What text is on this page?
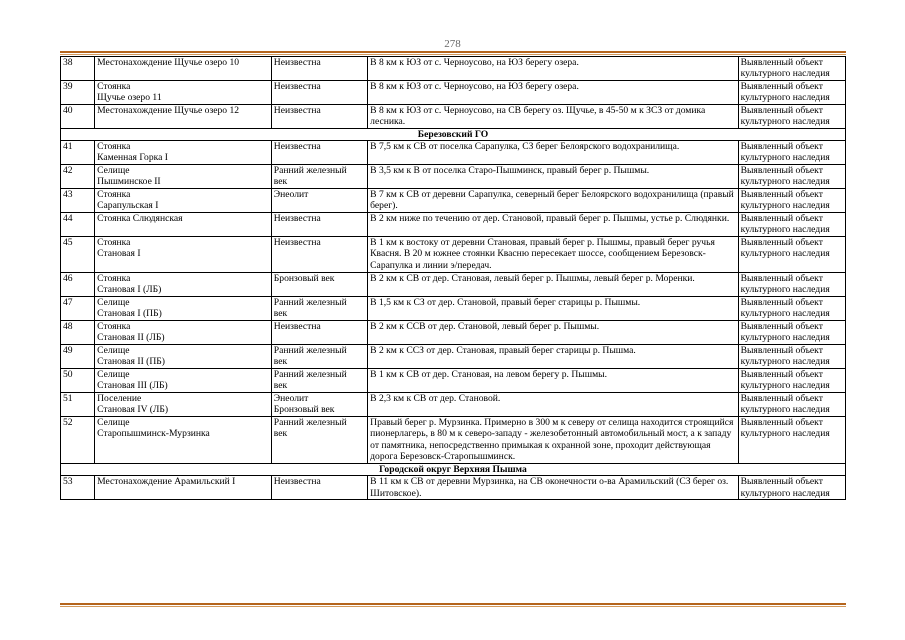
278
38	Местонахождение Щучье озеро 10	Неизвестна	В 8 км к ЮЗ от с. Черноусово, на ЮЗ берегу озера.	Выявленный объект
культурного наследия

39	Стоянка
Щучье озеро 11	Неизвестна	В 8 км к ЮЗ от с. Черноусово, на ЮЗ берегу озера.	Выявленный объект
культурного наследия

40	Местонахождение Щучье озеро 12	Неизвестна	В 8 км к ЮЗ от с. Черноусово, на СВ берегу оз. Щучье, в 45-50 м к ЗСЗ от домика лесника.	Выявленный объект
культурного наследия

Березовский ГО				
41	Стоянка
Каменная Горка I	Неизвестна	В 7,5 км к СВ от поселка Сарапулка, СЗ берег Белоярского водохранилища.	Выявленный объект
культурного наследия

42	Селище
Пышминское II	Ранний железный
век	В 3,5 км к В от поселка Старо-Пышминск, правый берег р. Пышмы.	Выявленный объект
культурного наследия

43	Стоянка
Сарапульская I	Энеолит	В 7 км к СВ от деревни Сарапулка, северный берег Белоярского водохранилища (правый берег).	Выявленный объект
культурного наследия

44	Стоянка Слюдянская	Неизвестна	В 2 км ниже по течению от дер. Становой, правый берег р. Пышмы, устье р. Слюдянки.	Выявленный объект
культурного наследия

45	Стоянка
Становая I	Неизвестна	В 1 км к востоку от деревни Становая, правый берег р. Пышмы, правый берег ручья Квасня. В 20 м южнее стоянки Квасню пересекает шоссе, сообщением Березовск-Сарапулка и линии э/передач.	Выявленный объект
культурного наследия

46	Стоянка
Становая I (ЛБ)	Бронзовый век	В 2 км к СВ от дер. Становая, левый берег р. Пышмы, левый берег р. Моренки.	Выявленный объект
культурного наследия

47	Селище
Становая I (ПБ)	Ранний железный
век	В 1,5 км к СЗ от дер. Становой, правый берег старицы р. Пышмы.	Выявленный объект
культурного наследия

48	Стоянка
Становая II (ЛБ)	Неизвестна	В 2 км к ССВ от дер. Становой, левый берег р. Пышмы.	Выявленный объект
культурного наследия

49	Селище
Становая II (ПБ)	Ранний железный
век	В 2 км к ССЗ от дер. Становая, правый берег старицы р. Пышма.	Выявленный объект
культурного наследия

50	Селище
Становая III (ЛБ)	Ранний железный
век	В 1 км к СВ от дер. Становая, на левом берегу р. Пышмы.	Выявленный объект
культурного наследия

51	Поселение
Становая IV (ЛБ)	Энеолит
Бронзовый век	В 2,3 км к СВ от дер. Становой.	Выявленный объект
культурного наследия

52	Селище
Старопышминск-Мурзинка	Ранний железный
век	Правый берег р. Мурзинка. Примерно в 300 м к северу от селища находится строящийся пионерлагерь, в 80 м к северо-западу - железобетонный автомобильный мост, а к западу от памятника, непосредственно примыкая к охранной зоне, проходит действующая дорога Березовск-Старопышминск.	Выявленный объект
культурного наследия

Городской округ Верхняя Пышма				
53	Местонахождение Арамильский I	Неизвестна	В 11 км к СВ от деревни Мурзинка, на СВ оконечности о-ва Арамильский (СЗ берег оз. Шитовское).	Выявленный объект
культурного наследия
